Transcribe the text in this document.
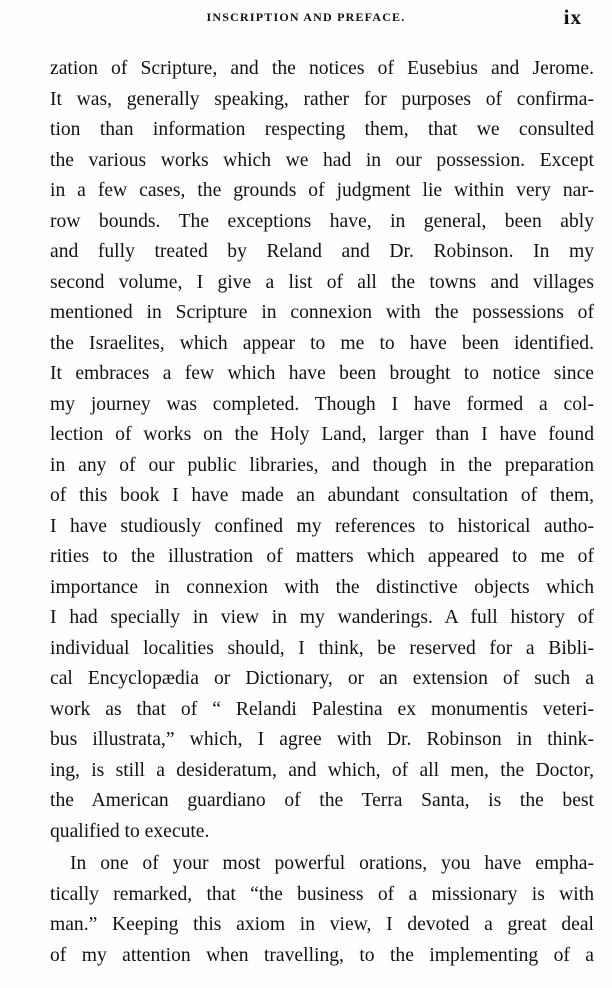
INSCRIPTION AND PREFACE.	ix
zation of Scripture, and the notices of Eusebius and Jerome.
It was, generally speaking, rather for purposes of confirma-
tion than information respecting them, that we consulted
the various works which we had in our possession. Except
in a few cases, the grounds of judgment lie within very nar-
row bounds. The exceptions have, in general, been ably
and fully treated by Reland and Dr. Robinson. In my
second volume, I give a list of all the towns and villages
mentioned in Scripture in connexion with the possessions of
the Israelites, which appear to me to have been identified.
It embraces a few which have been brought to notice since
my journey was completed. Though I have formed a col-
lection of works on the Holy Land, larger than I have found
in any of our public libraries, and though in the preparation
of this book I have made an abundant consultation of them,
I have studiously confined my references to historical autho-
rities to the illustration of matters which appeared to me of
importance in connexion with the distinctive objects which
I had specially in view in my wanderings. A full history of
individual localities should, I think, be reserved for a Bibli-
cal Encyclopædia or Dictionary, or an extension of such a
work as that of “ Relandi Palestina ex monumentis veteri-
bus illustrata,” which, I agree with Dr. Robinson in think-
ing, is still a desideratum, and which, of all men, the Doctor,
the American guardiano of the Terra Santa, is the best
qualified to execute.
In one of your most powerful orations, you have empha-
tically remarked, that “the business of a missionary is with
man.” Keeping this axiom in view, I devoted a great deal
of my attention when travelling, to the implementing of a
